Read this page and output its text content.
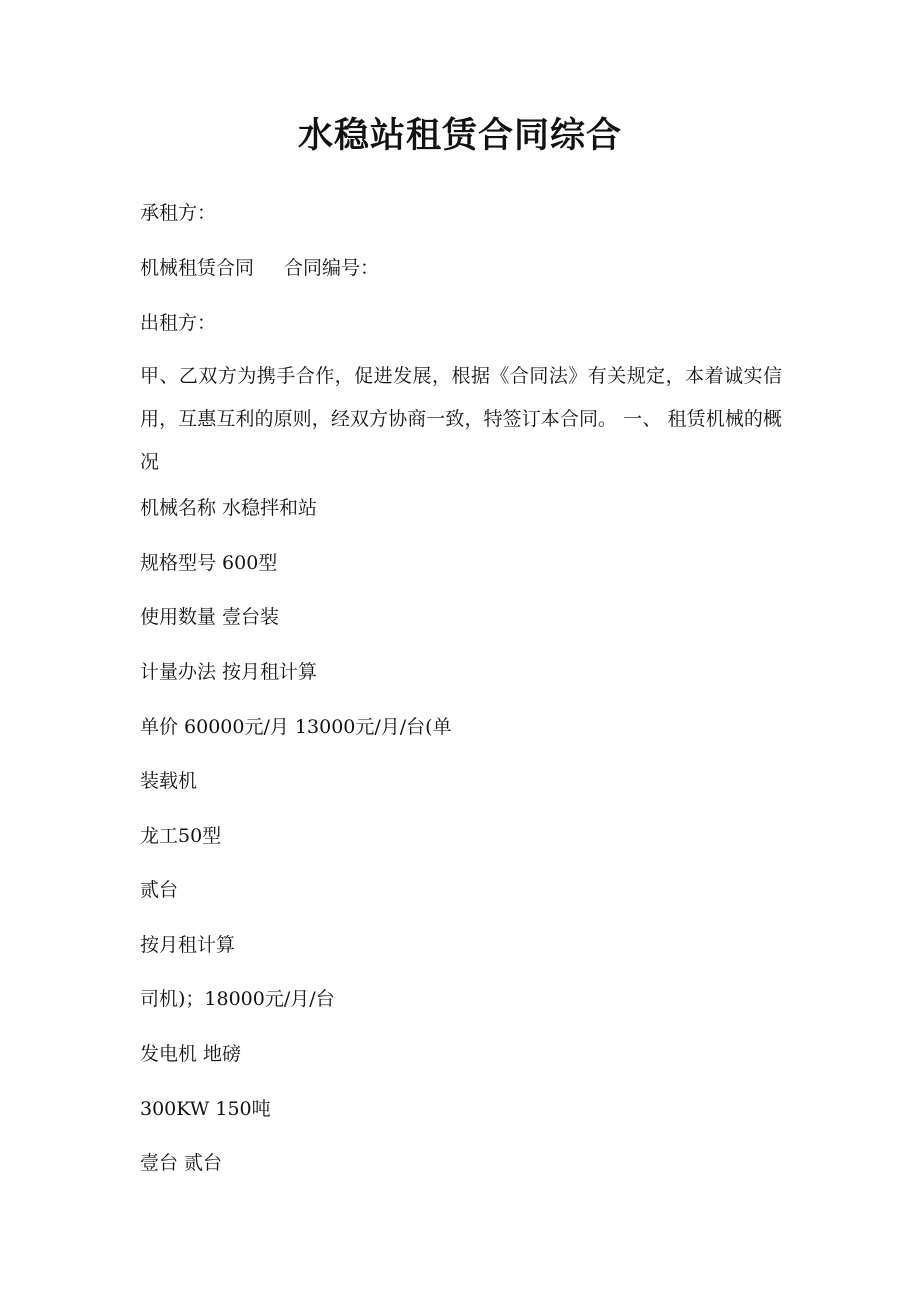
水稳站租赁合同综合

承租方：

机械租赁合同 合同编号：

出租方：

甲、乙双方为携手合作，促进发展，根据《合同法》有关规定，本着诚实信用，互惠互利的原则，经双方协商一致，特签订本合同。 一、 租赁机械的概况

机械名称 水稳拌和站

规格型号 600型

使用数量 壹台装

计量办法 按月租计算

单价 60000元/月 13000元/月/台(单

装载机

龙工50型

贰台

按月租计算

司机)；18000元/月/台

发电机 地磅

300KW 150吨

壹台 贰台
